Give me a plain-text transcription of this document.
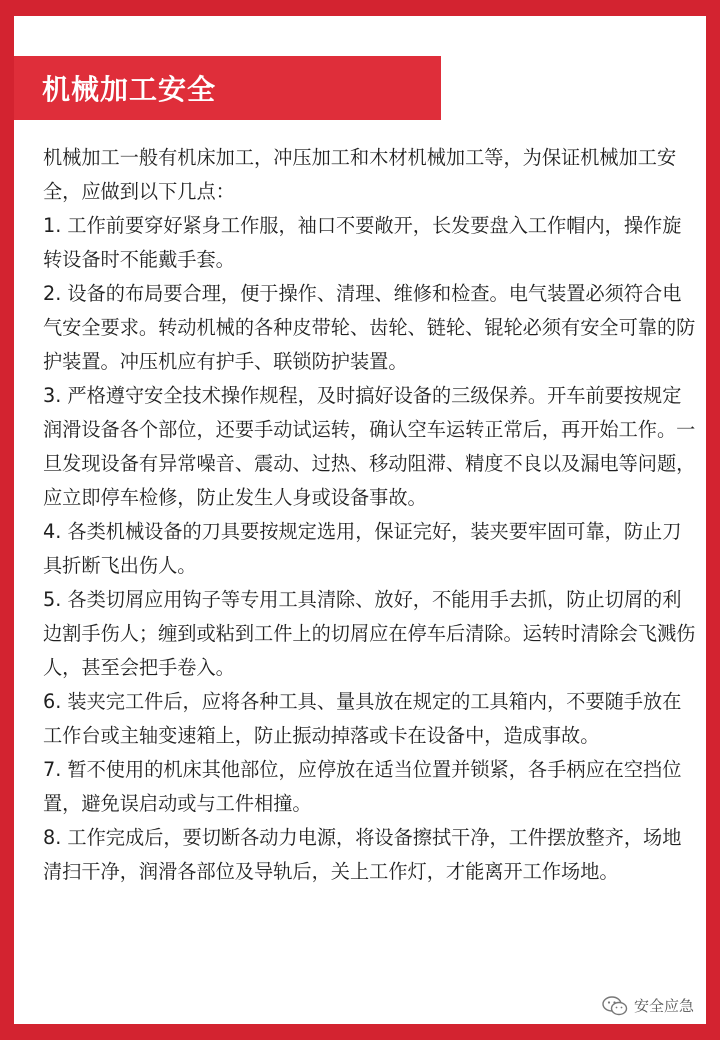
机械加工安全

机械加工一般有机床加工，冲压加工和木材机械加工等，为保证机械加工安全，应做到以下几点：

1. 工作前要穿好紧身工作服，袖口不要敞开，长发要盘入工作帽内，操作旋转设备时不能戴手套。

2. 设备的布局要合理，便于操作、清理、维修和检查。电气装置必须符合电气安全要求。转动机械的各种皮带轮、齿轮、链轮、锟轮必须有安全可靠的防护装置。冲压机应有护手、联锁防护装置。

3. 严格遵守安全技术操作规程，及时搞好设备的三级保养。开车前要按规定润滑设备各个部位，还要手动试运转，确认空车运转正常后，再开始工作。一旦发现设备有异常噪音、震动、过热、移动阻滞、精度不良以及漏电等问题，应立即停车检修，防止发生人身或设备事故。

4. 各类机械设备的刀具要按规定选用，保证完好，装夹要牢固可靠，防止刀具折断飞出伤人。

5. 各类切屑应用钩子等专用工具清除、放好，不能用手去抓，防止切屑的利边割手伤人；缠到或粘到工件上的切屑应在停车后清除。运转时清除会飞溅伤人，甚至会把手卷入。

6. 装夹完工件后，应将各种工具、量具放在规定的工具箱内，不要随手放在工作台或主轴变速箱上，防止振动掉落或卡在设备中，造成事故。

7. 暂不使用的机床其他部位，应停放在适当位置并锁紧，各手柄应在空挡位置，避免误启动或与工件相撞。

8. 工作完成后，要切断各动力电源，将设备擦拭干净，工件摆放整齐，场地清扫干净，润滑各部位及导轨后，关上工作灯，才能离开工作场地。

安全应急
